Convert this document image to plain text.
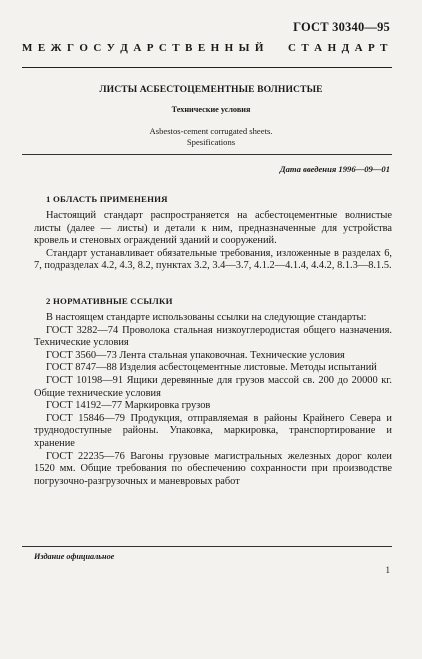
ГОСТ 30340—95
М Е Ж Г О С У Д А Р С Т В Е Н Н Ы Й С Т А Н Д А Р Т
ЛИСТЫ АСБЕСТОЦЕМЕНТНЫЕ ВОЛНИСТЫЕ
Технические условия
Asbestos-cement corrugated sheets.
Spesifications
Дата введения 1996—09—01
1 ОБЛАСТЬ ПРИМЕНЕНИЯ

Настоящий стандарт распространяется на асбестоцементные волнистые листы (далее — листы) и детали к ним, предназначенные для устройства кровель и стеновых ограждений зданий и сооружений.

Стандарт устанавливает обязательные требования, изложенные в разделах 6, 7, подразделах 4.2, 4.3, 8.2, пунктах 3.2, 3.4—3.7, 4.1.2—4.1.4, 4.4.2, 8.1.3—8.1.5.

2 НОРМАТИВНЫЕ ССЫЛКИ

В настоящем стандарте использованы ссылки на следующие стандарты:

ГОСТ 3282—74 Проволока стальная низкоуглеродистая общего назначения. Технические условия

ГОСТ 3560—73 Лента стальная упаковочная. Технические условия

ГОСТ 8747—88 Изделия асбестоцементные листовые. Методы испытаний

ГОСТ 10198—91 Ящики деревянные для грузов массой св. 200 до 20000 кг. Общие технические условия

ГОСТ 14192—77 Маркировка грузов

ГОСТ 15846—79 Продукция, отправляемая в районы Крайнего Севера и труднодоступные районы. Упаковка, маркировка, транспортирование и хранение

ГОСТ 22235—76 Вагоны грузовые магистральных железных дорог колеи 1520 мм. Общие требования по обеспечению сохранности при производстве погрузочно-разгрузочных и маневровых работ

Издание официальное
1
